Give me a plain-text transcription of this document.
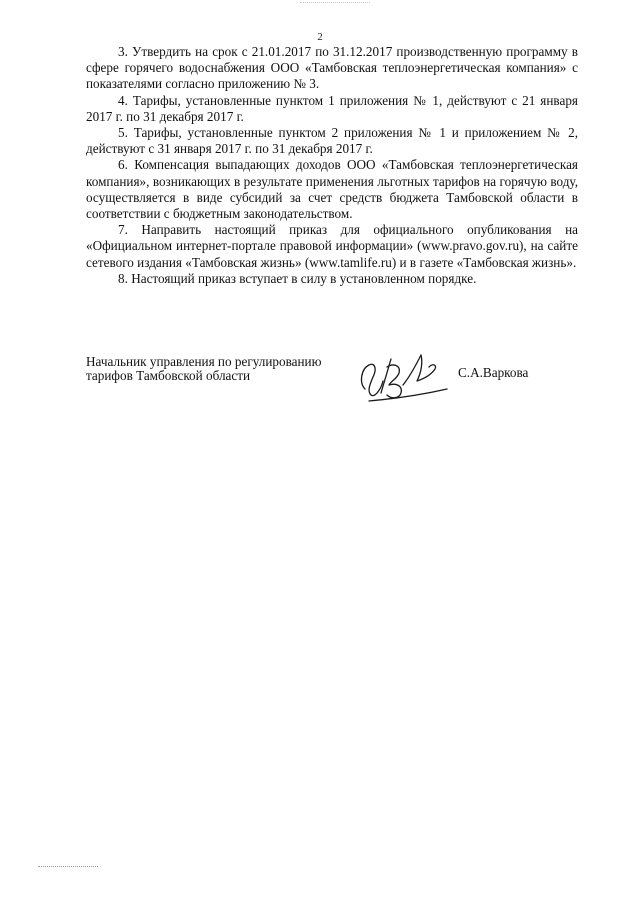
2

3. Утвердить на срок с 21.01.2017 по 31.12.2017 производственную программу в сфере горячего водоснабжения ООО «Тамбовская теплоэнергетическая компания» с показателями согласно приложению № 3.

4. Тарифы, установленные пунктом 1 приложения № 1, действуют с 21 января 2017 г. по 31 декабря 2017 г.

5. Тарифы, установленные пунктом 2 приложения № 1 и приложением № 2, действуют с 31 января 2017 г. по 31 декабря 2017 г.

6. Компенсация выпадающих доходов ООО «Тамбовская теплоэнергетическая компания», возникающих в результате применения льготных тарифов на горячую воду, осуществляется в виде субсидий за счет средств бюджета Тамбовской области в соответствии с бюджетным законодательством.

7. Направить настоящий приказ для официального опубликования на «Официальном интернет-портале правовой информации» (www.pravo.gov.ru), на сайте сетевого издания «Тамбовская жизнь» (www.tamlife.ru) и в газете «Тамбовская жизнь».

8. Настоящий приказ вступает в силу в установленном порядке.

Начальник управления по регулированию
тарифов Тамбовской области	С.А.Варкова
